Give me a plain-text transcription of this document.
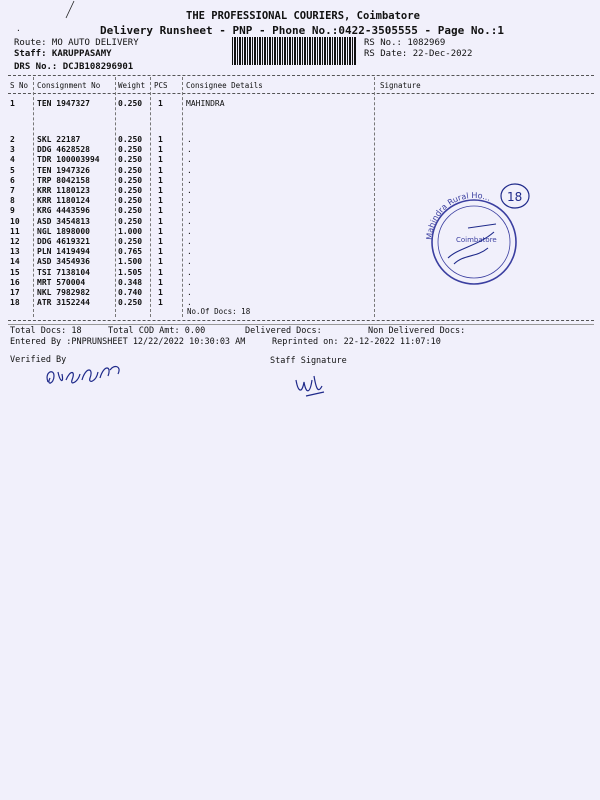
.
THE PROFESSIONAL COURIERS, Coimbatore
Delivery Runsheet - PNP - Phone No.:0422-3505555 - Page No.:1
Route: MO AUTO DELIVERY
Staff: KARUPPASAMY
DRS No.: DCJB108296901
RS No.: 1082969
RS Date: 22-Dec-2022
S No Consignment No Weight PCS Consignee Details	Signature
1	TEN 1947327	0.250 1	MAHINDRA
2	SKL 22187	0.250 1	.
3	DDG 4628528	0.250 1	.
4	TDR 100003994 0.250 1	.
5	TEN 1947326	0.250 1	.
6	TRP 8042158	0.250 1	.
7	KRR 1180123	0.250 1	.
8	KRR 1180124	0.250 1	.
9	KRG 4443596	0.250 1	.
10 ASD 3454813	0.250 1	.
11 NGL 1898000	1.000 1	.
12 DDG 4619321	0.250 1	.
13 PLN 1419494	0.765 1	.
14 ASD 3454936	1.500 1	.
15 TSI 7138104	1.505 1	.
16 MRT 570004	0.348 1	.
17 NKL 7982982	0.740 1	.
18 ATR 3152244	0.250 1	.
No.Of Docs: 18
Total Docs: 18	Total COD Amt: 0.00	Delivered Docs:	Non Delivered Docs:
Entered By :PNPRUNSHEET 12/22/2022 10:30:03 AM	Reprinted on: 22-12-2022 11:07:10
Verified By	Staff Signature
Mahindra Rural Ho...
Coimbatore
18
